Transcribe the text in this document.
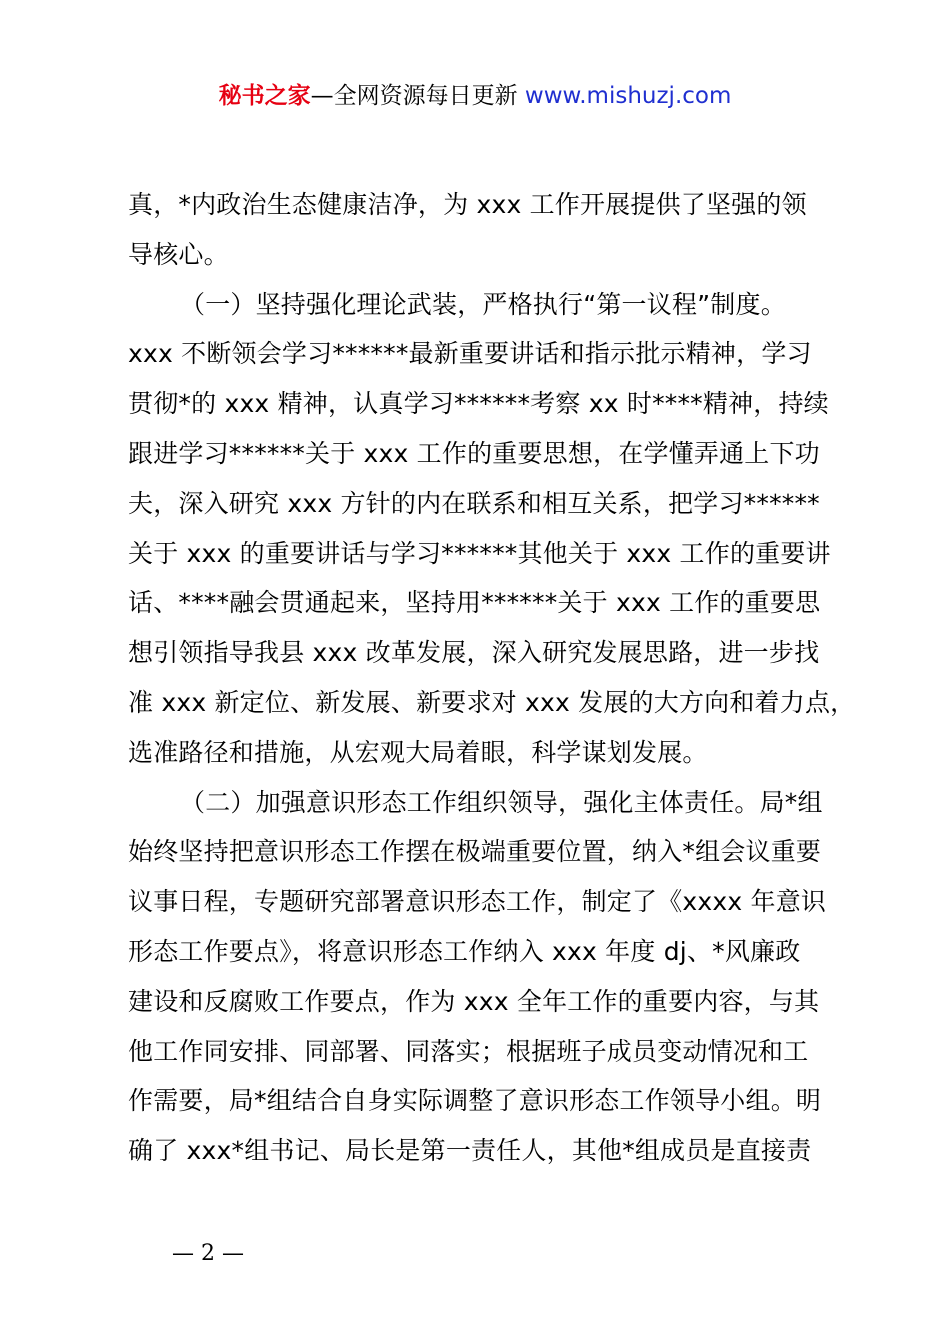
秘书之家—全网资源每日更新 www.mishuzj.com
真，*内政治生态健康洁净，为 xxx 工作开展提供了坚强的领
导核心。
（一）坚持强化理论武装，严格执行“第一议程”制度。
xxx 不断领会学习******最新重要讲话和指示批示精神，学习
贯彻*的 xxx 精神，认真学习******考察 xx 时****精神，持续
跟进学习******关于 xxx 工作的重要思想，在学懂弄通上下功
夫，深入研究 xxx 方针的内在联系和相互关系，把学习******
关于 xxx 的重要讲话与学习******其他关于 xxx 工作的重要讲
话、****融会贯通起来，坚持用******关于 xxx 工作的重要思
想引领指导我县 xxx 改革发展，深入研究发展思路，进一步找
准 xxx 新定位、新发展、新要求对 xxx 发展的大方向和着力点，
选准路径和措施，从宏观大局着眼，科学谋划发展。
（二）加强意识形态工作组织领导，强化主体责任。局*组
始终坚持把意识形态工作摆在极端重要位置，纳入*组会议重要
议事日程，专题研究部署意识形态工作，制定了《xxxx 年意识
形态工作要点》，将意识形态工作纳入 xxx 年度 dj、*风廉政
建设和反腐败工作要点，作为 xxx 全年工作的重要内容，与其
他工作同安排、同部署、同落实；根据班子成员变动情况和工
作需要，局*组结合自身实际调整了意识形态工作领导小组。明
确了 xxx*组书记、局长是第一责任人，其他*组成员是直接责
— 2 —
